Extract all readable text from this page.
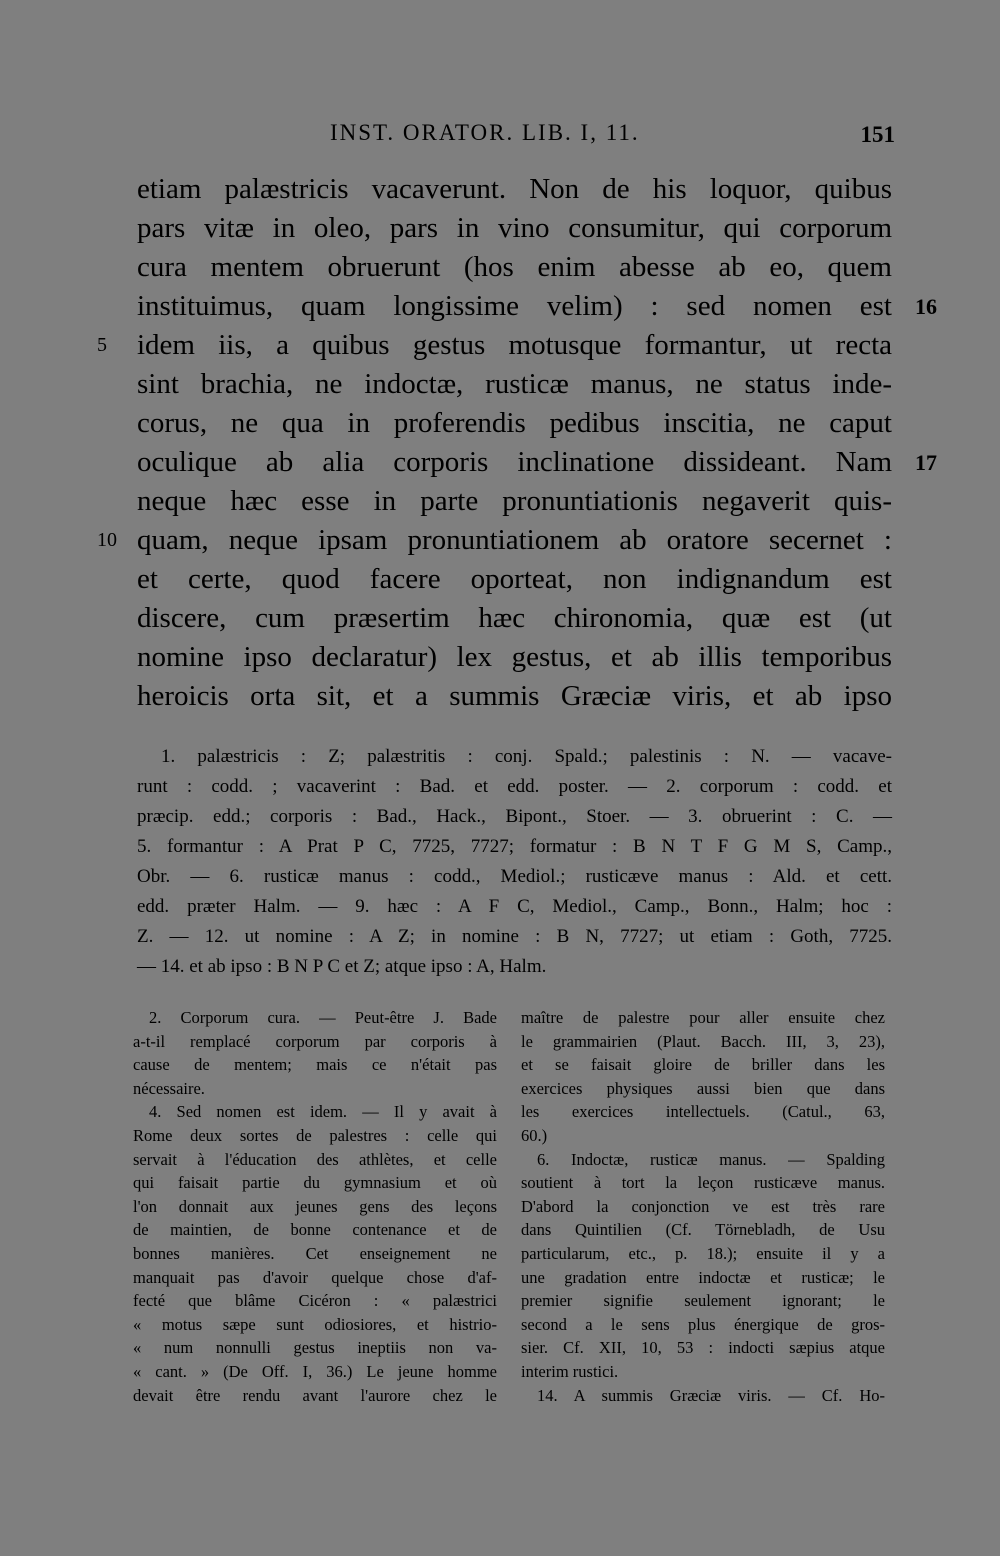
INST. ORATOR. LIB. I, 11.	151
etiam palæstricis vacaverunt. Non de his loquor, quibus
pars vitæ in oleo, pars in vino consumitur, qui corporum
cura mentem obruerunt (hos enim abesse ab eo, quem
instituimus, quam longissime velim) : sed nomen est 16
5	idem iis, a quibus gestus motusque formantur, ut recta
sint brachia, ne indoctæ, rusticæ manus, ne status inde-
corus, ne qua in proferendis pedibus inscitia, ne caput
oculique ab alia corporis inclinatione dissideant. Nam 17
neque hæc esse in parte pronuntiationis negaverit quis-
10 quam, neque ipsam pronuntiationem ab oratore secernet :
et certe, quod facere oporteat, non indignandum est
discere, cum præsertim hæc chironomia, quæ est (ut
nomine ipso declaratur) lex gestus, et ab illis temporibus
heroicis orta sit, et a summis Græciæ viris, et ab ipso
1. palæstricis : Z; palæstritis : conj. Spald.; palestinis : N. — vacave-
runt : codd. ; vacaverint : Bad. et edd. poster. — 2. corporum : codd. et
præcip. edd.; corporis : Bad., Hack., Bipont., Stoer. — 3. obruerint : C. —
5. formantur : A Prat P C, 7725, 7727; formatur : B N T F G M S, Camp.,
Obr. — 6. rusticæ manus : codd., Mediol.; rusticæve manus : Ald. et cett.
edd. præter Halm. — 9. hæc : A F C, Mediol., Camp., Bonn., Halm; hoc :
Z. — 12. ut nomine : A Z; in nomine : B N, 7727; ut etiam : Goth, 7725.
— 14. et ab ipso : B N P C et Z; atque ipso : A, Halm.
2. Corporum cura. — Peut-être J. Bade
a-t-il remplacé corporum par corporis à
cause de mentem; mais ce n'était pas
nécessaire.
4. Sed nomen est idem. — Il y avait à
Rome deux sortes de palestres : celle qui
servait à l'éducation des athlètes, et celle
qui faisait partie du gymnasium et où
l'on donnait aux jeunes gens des leçons
de maintien, de bonne contenance et de
bonnes manières. Cet enseignement ne
manquait pas d'avoir quelque chose d'af-
fecté que blâme Cicéron : « palæstrici
« motus sæpe sunt odiosiores, et histrio-
« num nonnulli gestus ineptiis non va-
« cant. » (De Off. I, 36.) Le jeune homme
devait être rendu avant l'aurore chez le
maître de palestre pour aller ensuite chez
le grammairien (Plaut. Bacch. III, 3, 23),
et se faisait gloire de briller dans les
exercices physiques aussi bien que dans
les exercices intellectuels. (Catul., 63,
60.)
6. Indoctæ, rusticæ manus. — Spalding
soutient à tort la leçon rusticæve manus.
D'abord la conjonction ve est très rare
dans Quintilien (Cf. Törnebladh, de Usu
particularum, etc., p. 18.); ensuite il y a
une gradation entre indoctæ et rusticæ; le
premier signifie seulement ignorant; le
second a le sens plus énergique de gros-
sier. Cf. XII, 10, 53 : indocti sæpius atque
interim rustici.
14. A summis Græciæ viris. — Cf. Ho-
